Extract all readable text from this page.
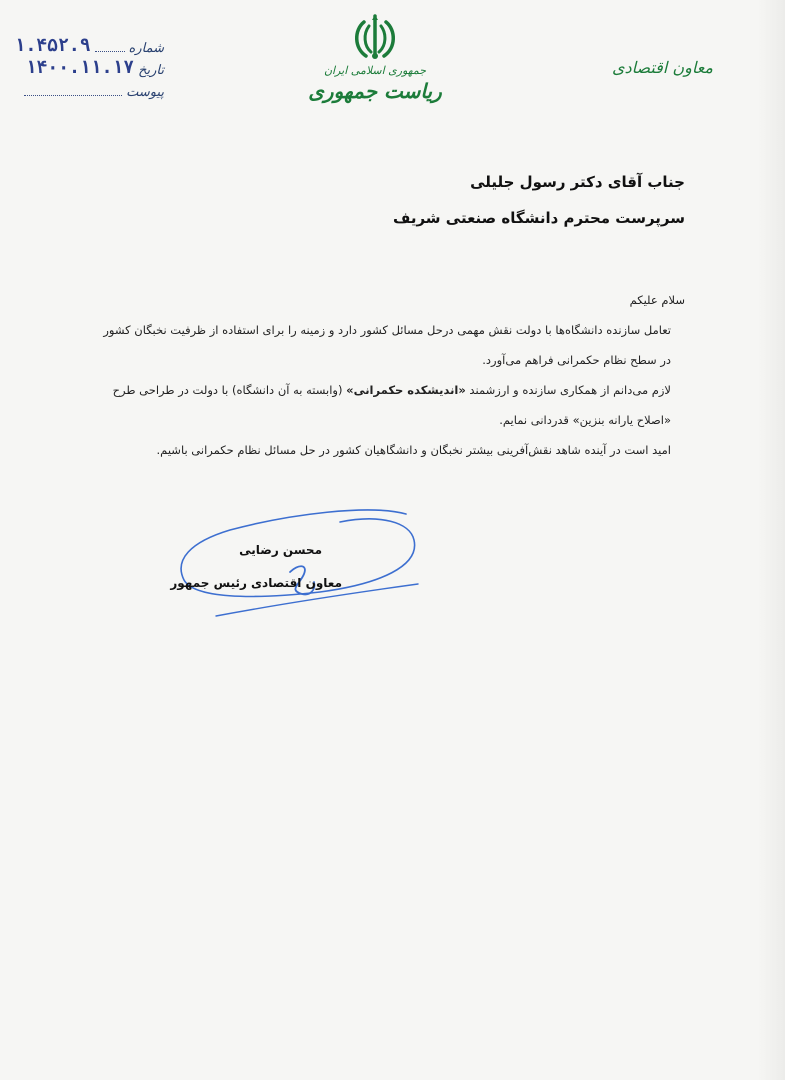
شماره
۱.۴۵۲.۹
تاریخ
۱۴۰۰.۱۱.۱۷
پیوست
جمهوری اسلامی ایران
ریاست جمهوری
معاون اقتصادی
جناب آقای دکتر رسول جلیلی
سرپرست محترم دانشگاه صنعتی شریف

سلام علیکم

تعامل سازنده دانشگاه‌ها با دولت نقش مهمی درحل مسائل کشور دارد و زمینه را برای استفاده از ظرفیت نخبگان کشور در سطح نظام حکمرانی فراهم می‌آورد.

لازم می‌دانم از همکاری سازنده و ارزشمند «اندیشکده حکمرانی» (وابسته به آن دانشگاه) با دولت در طراحی طرح «اصلاح یارانه بنزین» قدردانی نمایم.

امید است در آینده شاهد نقش‌آفرینی بیشتر نخبگان و دانشگاهیان کشور در حل مسائل نظام حکمرانی باشیم.

محسن رضایی
معاون اقتصادی رئیس جمهور
